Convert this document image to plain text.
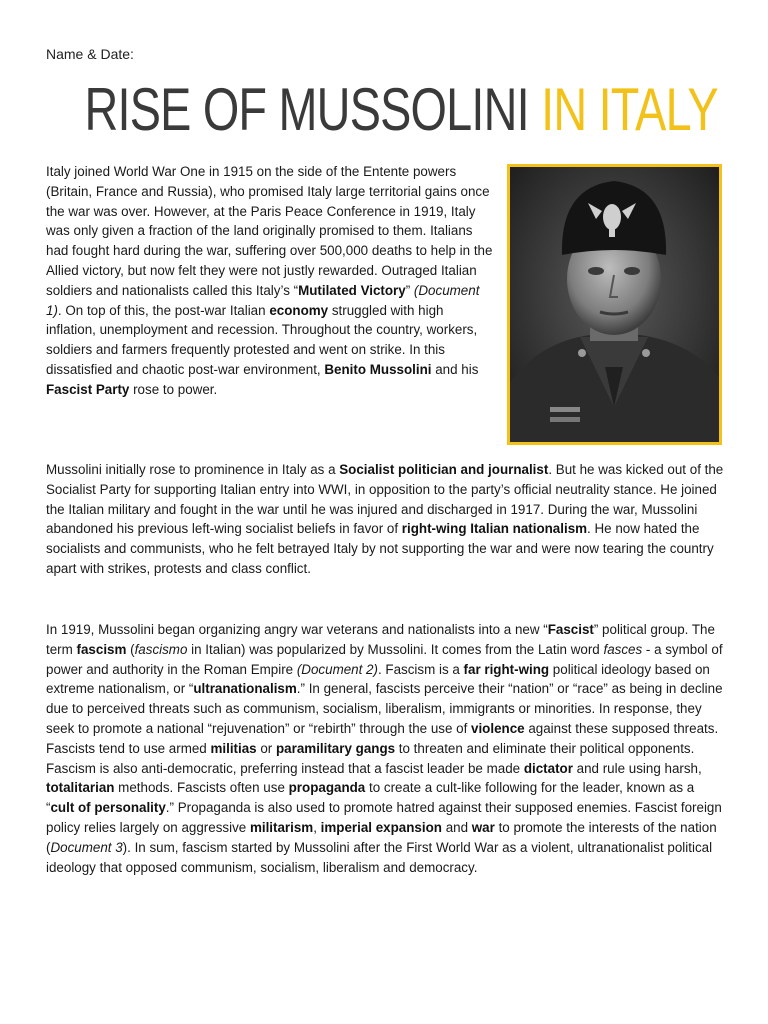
Name & Date:
RISE OF MUSSOLINI IN ITALY

Italy joined World War One in 1915 on the side of the Entente powers (Britain, France and Russia), who promised Italy large territorial gains once the war was over. However, at the Paris Peace Conference in 1919, Italy was only given a fraction of the land originally promised to them. Italians had fought hard during the war, suffering over 500,000 deaths to help in the Allied victory, but now felt they were not justly rewarded. Outraged Italian soldiers and nationalists called this Italy’s “Mutilated Victory” (Document 1). On top of this, the post-war Italian economy struggled with high inflation, unemployment and recession. Throughout the country, workers, soldiers and farmers frequently protested and went on strike. In this dissatisfied and chaotic post-war environment, Benito Mussolini and his Fascist Party rose to power.

Mussolini initially rose to prominence in Italy as a Socialist politician and journalist. But he was kicked out of the Socialist Party for supporting Italian entry into WWI, in opposition to the party’s official neutrality stance. He joined the Italian military and fought in the war until he was injured and discharged in 1917. During the war, Mussolini abandoned his previous left-wing socialist beliefs in favor of right-wing Italian nationalism. He now hated the socialists and communists, who he felt betrayed Italy by not supporting the war and were now tearing the country apart with strikes, protests and class conflict.

In 1919, Mussolini began organizing angry war veterans and nationalists into a new “Fascist” political group. The term fascism (fascismo in Italian) was popularized by Mussolini. It comes from the Latin word fasces - a symbol of power and authority in the Roman Empire (Document 2). Fascism is a far right-wing political ideology based on extreme nationalism, or “ultranationalism.” In general, fascists perceive their “nation” or “race” as being in decline due to perceived threats such as communism, socialism, liberalism, immigrants or minorities. In response, they seek to promote a national “rejuvenation” or “rebirth” through the use of violence against these supposed threats. Fascists tend to use armed militias or paramilitary gangs to threaten and eliminate their political opponents. Fascism is also anti-democratic, preferring instead that a fascist leader be made dictator and rule using harsh, totalitarian methods. Fascists often use propaganda to create a cult-like following for the leader, known as a “cult of personality.” Propaganda is also used to promote hatred against their supposed enemies. Fascist foreign policy relies largely on aggressive militarism, imperial expansion and war to promote the interests of the nation (Document 3). In sum, fascism started by Mussolini after the First World War as a violent, ultranationalist political ideology that opposed communism, socialism, liberalism and democracy.
